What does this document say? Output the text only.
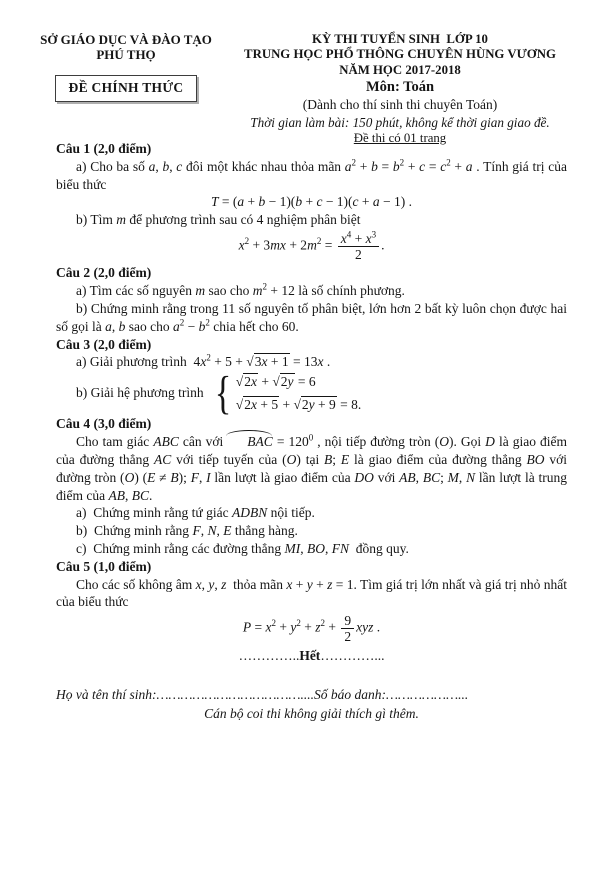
SỞ GIÁO DỤC VÀ ĐÀO TẠO
PHÚ THỌ
ĐỀ CHÍNH THỨC
KỲ THI TUYỂN SINH  LỚP 10
TRUNG HỌC PHỔ THÔNG CHUYÊN HÙNG VƯƠNG
NĂM HỌC 2017-2018
Môn: Toán
(Dành cho thí sinh thi chuyên Toán)
Thời gian làm bài: 150 phút, không kể thời gian giao đề.
Đề thi có 01 trang
Câu 1 (2,0 điểm)

a) Cho ba số a, b, c đôi một khác nhau thỏa mãn $a^2 + b = b^2 + c = c^2 + a$ . Tính giá trị của biểu thức

T = (a + b − 1)(b + c − 1)(c + a − 1) .

b) Tìm m để phương trình sau có 4 nghiệm phân biệt

$x^2 + 3mx + 2m^2 = \frac{x^4 + x^3}{2}$ .

Câu 2 (2,0 điểm)

a) Tìm các số nguyên m sao cho $m^2 + 12$ là số chính phương.

b) Chứng minh rằng trong 11 số nguyên tố phân biệt, lớn hơn 2 bất kỳ luôn chọn được hai số gọi là a, b sao cho $a^2 - b^2$ chia hết cho 60.

Câu 3 (2,0 điểm)

a) Giải phương trình  $4x^2 + 5 + √3x + 1 = 13x$ .

b) Giải hệ phương trình { √2x + √2y = 6
√2x + 5 + √2y + 9 = 8.
Câu 4 (3,0 điểm)

Cho tam giác ABC cân với BAC = $120^0$ , nội tiếp đường tròn (O). Gọi D là giao điểm của đường thẳng AC với tiếp tuyến của (O) tại B; E là giao điểm của đường thẳng BO với đường tròn (O) (E ≠ B); F, I lần lượt là giao điểm của DO với AB, BC; M, N lần lượt là trung điểm của AB, BC.

a)  Chứng minh rằng tứ giác ADBN nội tiếp.

b)  Chứng minh rằng F, N, E thẳng hàng.

c)  Chứng minh rằng các đường thẳng MI, BO, FN  đồng quy.

Câu 5 (1,0 điểm)

Cho các số không âm x, y, z  thỏa mãn x + y + z = 1. Tìm giá trị lớn nhất và giá trị nhỏ nhất của biểu thức

$P = x^2 + y^2 + z^2 + \frac{9}{2}$ xyz .

…………..Hết…………...
Họ và tên thí sinh:………………………………....Số báo danh:………………...
Cán bộ coi thi không giải thích gì thêm.
